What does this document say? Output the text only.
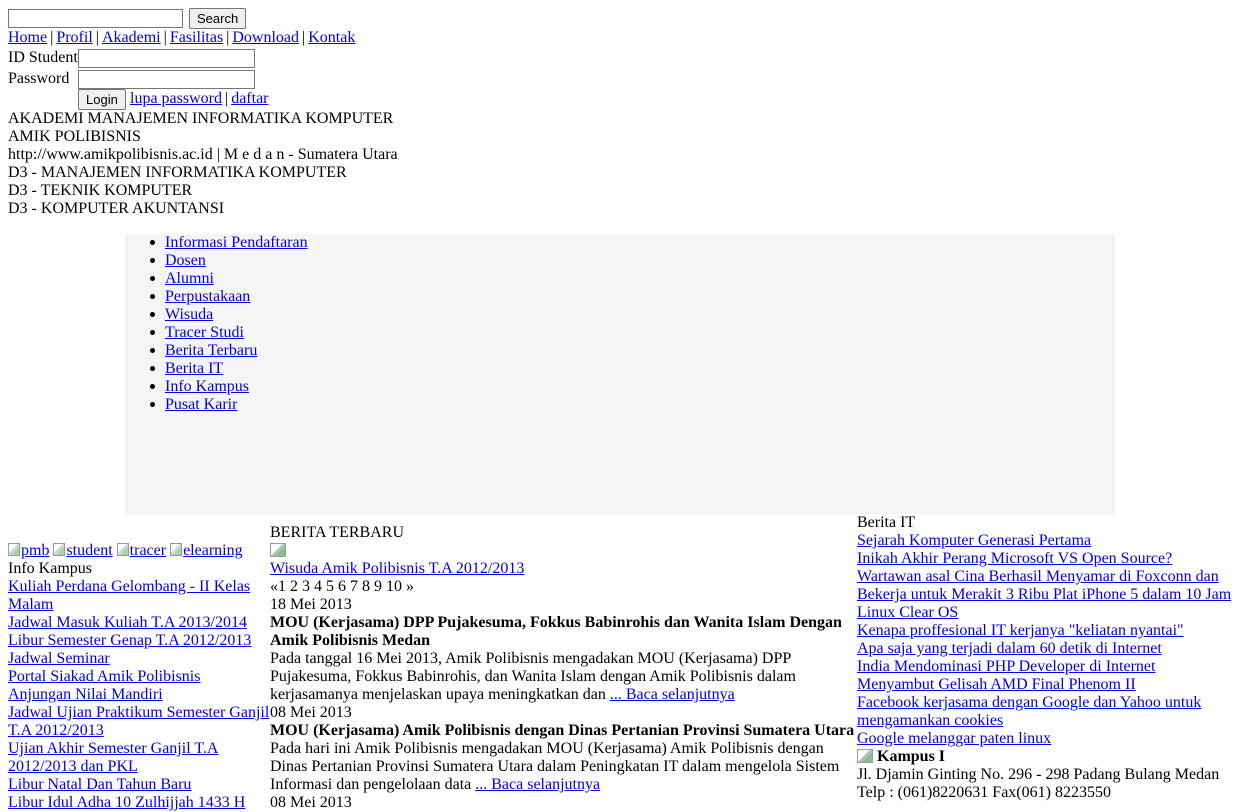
Search
Home | Profil | Akademi | Fasilitas | Download | Kontak
ID Student
Password
Login lupa password | daftar
AKADEMI MANAJEMEN INFORMATIKA KOMPUTER
AMIK POLIBISNIS
http://www.amikpolibisnis.ac.id | M e d a n - Sumatera Utara
D3 - MANAJEMEN INFORMATIKA KOMPUTER
D3 - TEKNIK KOMPUTER
D3 - KOMPUTER AKUNTANSI
Informasi Pendaftaran
Dosen
Alumni
Perpustakaan
Wisuda
Tracer Studi
Berita Terbaru
Berita IT
Info Kampus
Pusat Karir
pmb student tracer elearning
Info Kampus
Kuliah Perdana Gelombang - II Kelas Malam
Jadwal Masuk Kuliah T.A 2013/2014
Libur Semester Genap T.A 2012/2013
Jadwal Seminar
Portal Siakad Amik Polibisnis
Anjungan Nilai Mandiri
Jadwal Ujian Praktikum Semester Ganjil T.A 2012/2013
Ujian Akhir Semester Ganjil T.A 2012/2013 dan PKL
Libur Natal Dan Tahun Baru
Libur Idul Adha 10 Zulhijjah 1433 H
BERITA TERBARU
Wisuda Amik Polibisnis T.A 2012/2013
«1 2 3 4 5 6 7 8 9 10 »
18 Mei 2013
MOU (Kerjasama) DPP Pujakesuma, Fokkus Babinrohis dan Wanita Islam Dengan Amik Polibisnis Medan
Pada tanggal 16 Mei 2013, Amik Polibisnis mengadakan MOU (Kerjasama) DPP Pujakesuma, Fokkus Babinrohis, dan Wanita Islam dengan Amik Polibisnis dalam kerjasamanya menjelaskan upaya meningkatkan dan ... Baca selanjutnya
08 Mei 2013
MOU (Kerjasama) Amik Polibisnis dengan Dinas Pertanian Provinsi Sumatera Utara
Pada hari ini Amik Polibisnis mengadakan MOU (Kerjasama) Amik Polibisnis dengan Dinas Pertanian Provinsi Sumatera Utara dalam Peningkatan IT dalam mengelola Sistem Informasi dan pengelolaan data ... Baca selanjutnya
08 Mei 2013
Berita IT
Sejarah Komputer Generasi Pertama
Inikah Akhir Perang Microsoft VS Open Source?
Wartawan asal Cina Berhasil Menyamar di Foxconn dan Bekerja untuk Merakit 3 Ribu Plat iPhone 5 dalam 10 Jam
Linux Clear OS
Kenapa proffesional IT kerjanya "keliatan nyantai"
Apa saja yang terjadi dalam 60 detik di Internet
India Mendominasi PHP Developer di Internet
Menyambut Gelisah AMD Final Phenom II
Facebook kerjasama dengan Google dan Yahoo untuk mengamankan cookies
Google melanggar paten linux
Kampus I
Jl. Djamin Ginting No. 296 - 298 Padang Bulang Medan
Telp : (061)8220631 Fax(061) 8223550
